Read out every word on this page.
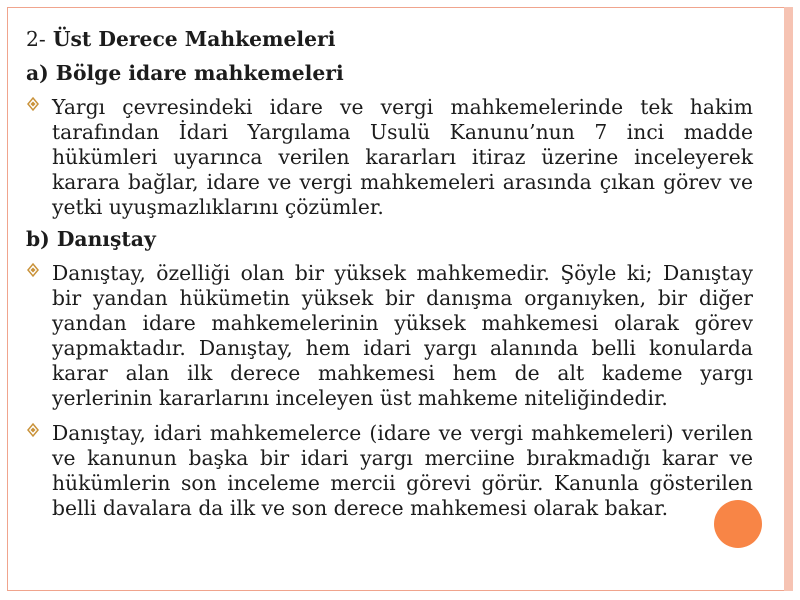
2- Üst Derece Mahkemeleri
a) Bölge idare mahkemeleri

Yargı çevresindeki idare ve vergi mahkemelerinde tek hakim tarafından İdari Yargılama Usulü Kanunu’nun 7 inci madde hükümleri uyarınca verilen kararları itiraz üzerine inceleyerek karara bağlar, idare ve vergi mahkemeleri arasında çıkan görev ve yetki uyuşmazlıklarını çözümler.

b) Danıştay

Danıştay, özelliği olan bir yüksek mahkemedir. Şöyle ki; Danıştay bir yandan hükümetin yüksek bir danışma organıyken, bir diğer yandan idare mahkemelerinin yüksek mahkemesi olarak görev yapmaktadır. Danıştay, hem idari yargı alanında belli konularda karar alan ilk derece mahkemesi hem de alt kademe yargı yerlerinin kararlarını inceleyen üst mahkeme niteliğindedir.

Danıştay, idari mahkemelerce (idare ve vergi mahkemeleri) verilen ve kanunun başka bir idari yargı merciine bırakmadığı karar ve hükümlerin son inceleme mercii görevi görür. Kanunla gösterilen belli davalara da ilk ve son derece mahkemesi olarak bakar.
